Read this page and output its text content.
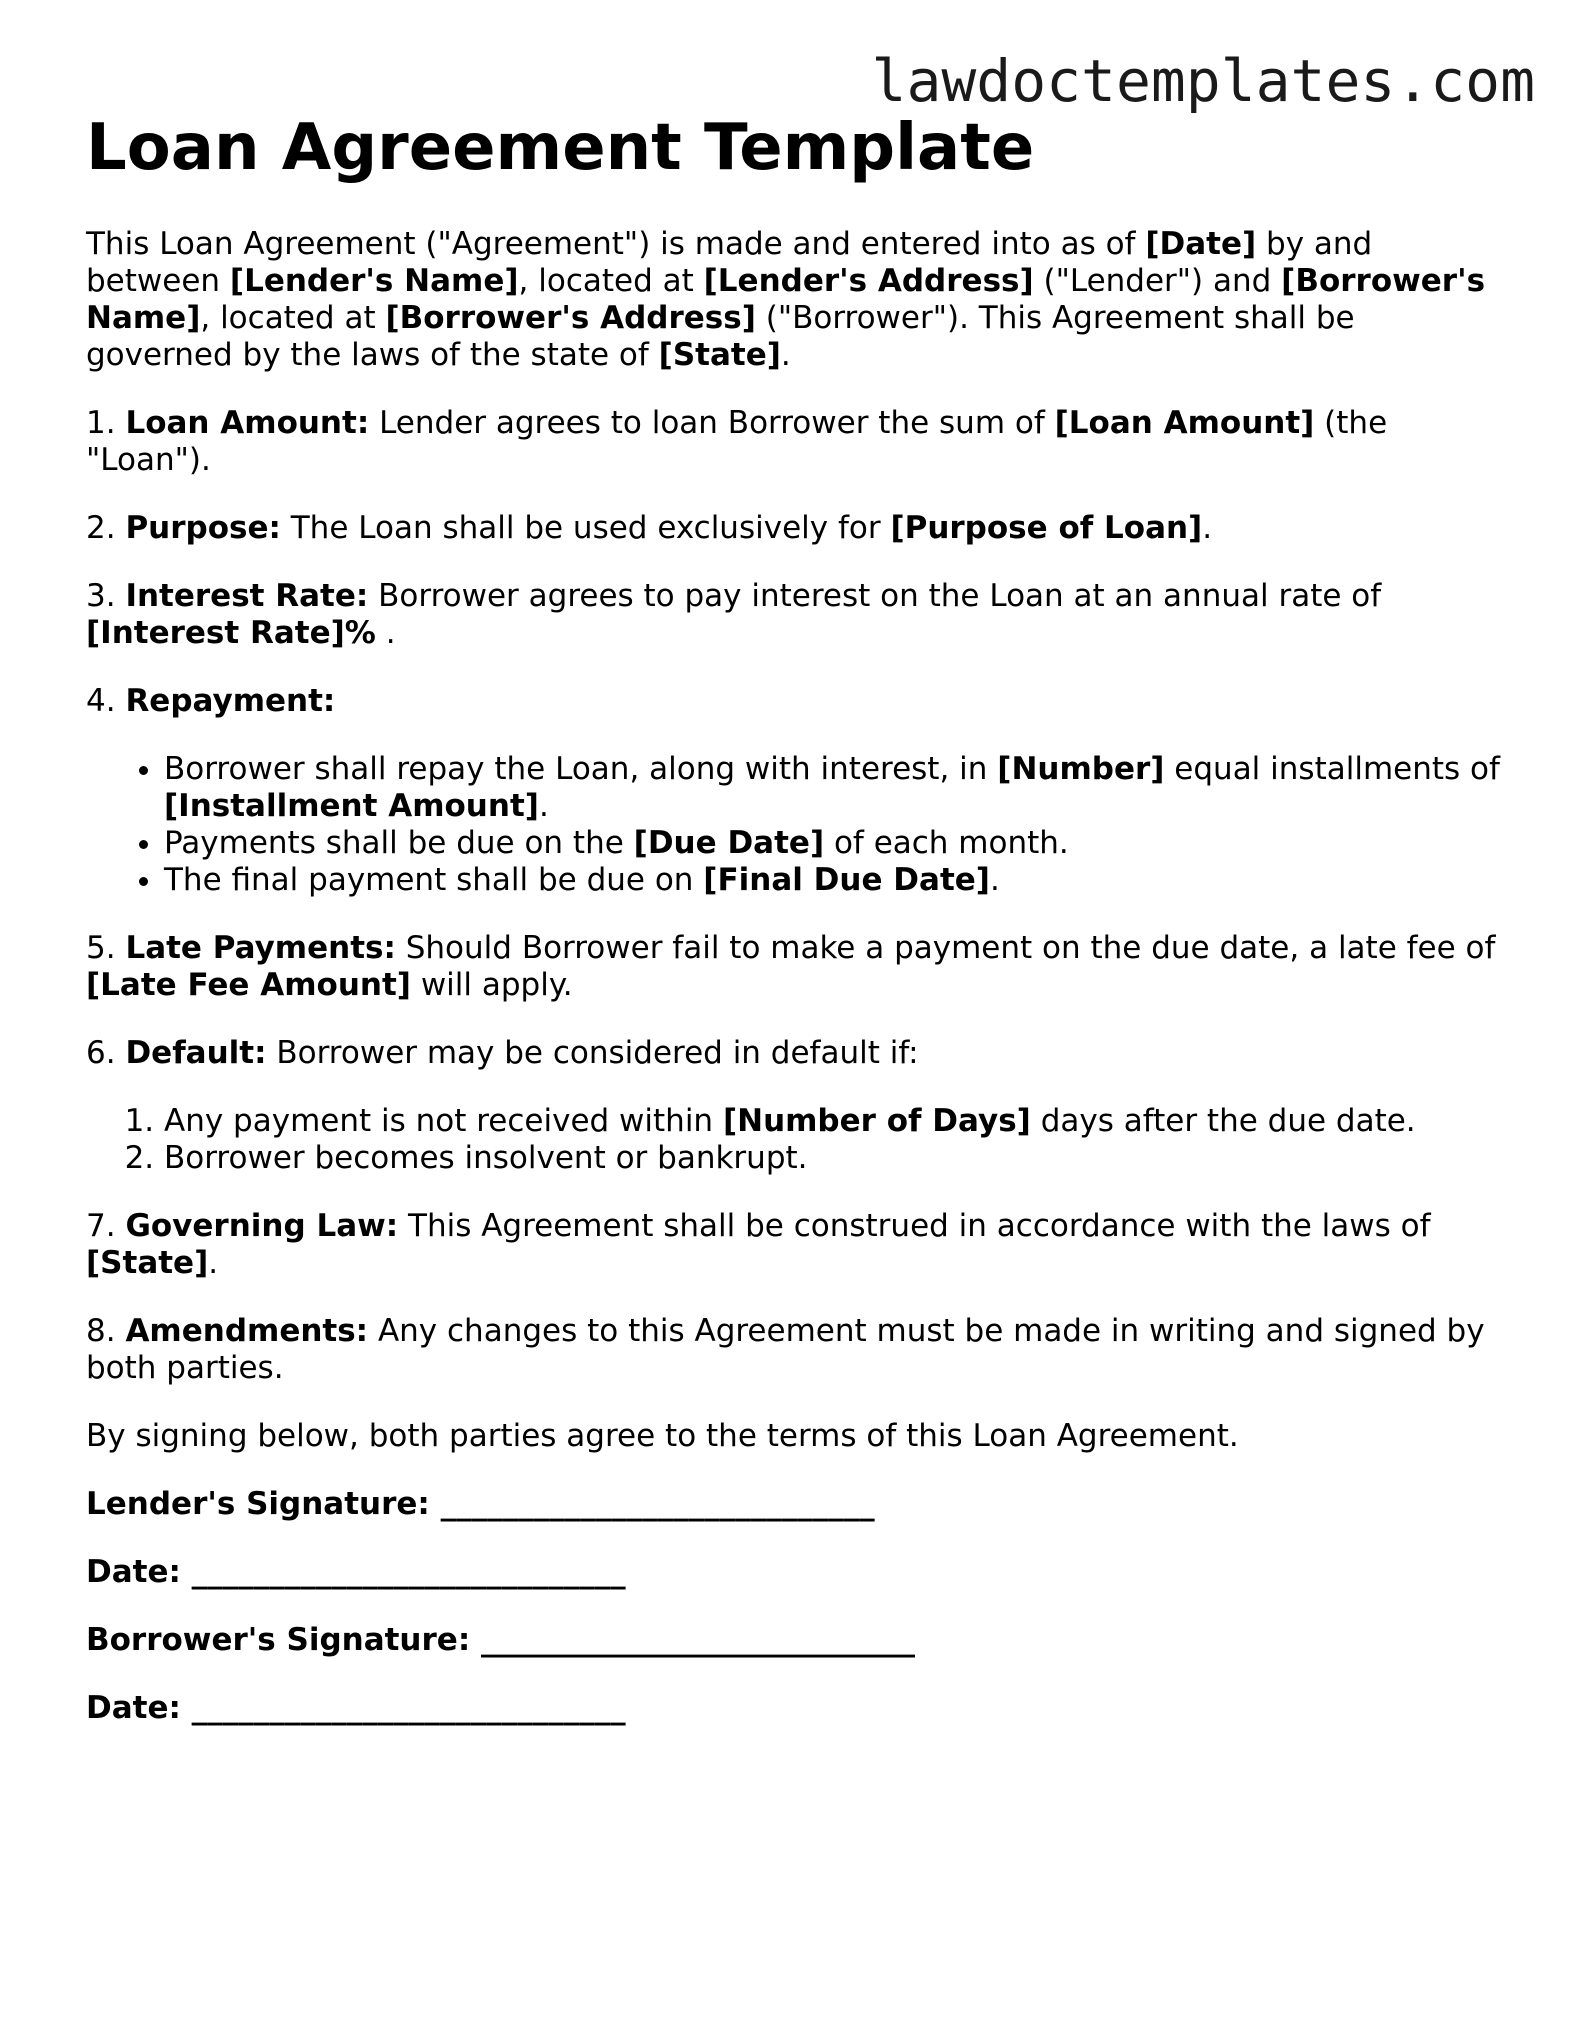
lawdoctemplates.com
Loan Agreement Template

This Loan Agreement ("Agreement") is made and entered into as of [Date] by and between [Lender's Name], located at [Lender's Address] ("Lender") and [Borrower's Name], located at [Borrower's Address] ("Borrower"). This Agreement shall be governed by the laws of the state of [State].

1. Loan Amount: Lender agrees to loan Borrower the sum of [Loan Amount] (the "Loan").

2. Purpose: The Loan shall be used exclusively for [Purpose of Loan].

3. Interest Rate: Borrower agrees to pay interest on the Loan at an annual rate of [Interest Rate]% .

4. Repayment:

• Borrower shall repay the Loan, along with interest, in [Number] equal installments of [Installment Amount].
• Payments shall be due on the [Due Date] of each month.
• The final payment shall be due on [Final Due Date].

5. Late Payments: Should Borrower fail to make a payment on the due date, a late fee of [Late Fee Amount] will apply.

6. Default: Borrower may be considered in default if:

1. Any payment is not received within [Number of Days] days after the due date.
2. Borrower becomes insolvent or bankrupt.

7. Governing Law: This Agreement shall be construed in accordance with the laws of [State].

8. Amendments: Any changes to this Agreement must be made in writing and signed by both parties.

By signing below, both parties agree to the terms of this Loan Agreement.

Lender's Signature: ____________________________
Date: ____________________________
Borrower's Signature: ____________________________
Date: ____________________________
